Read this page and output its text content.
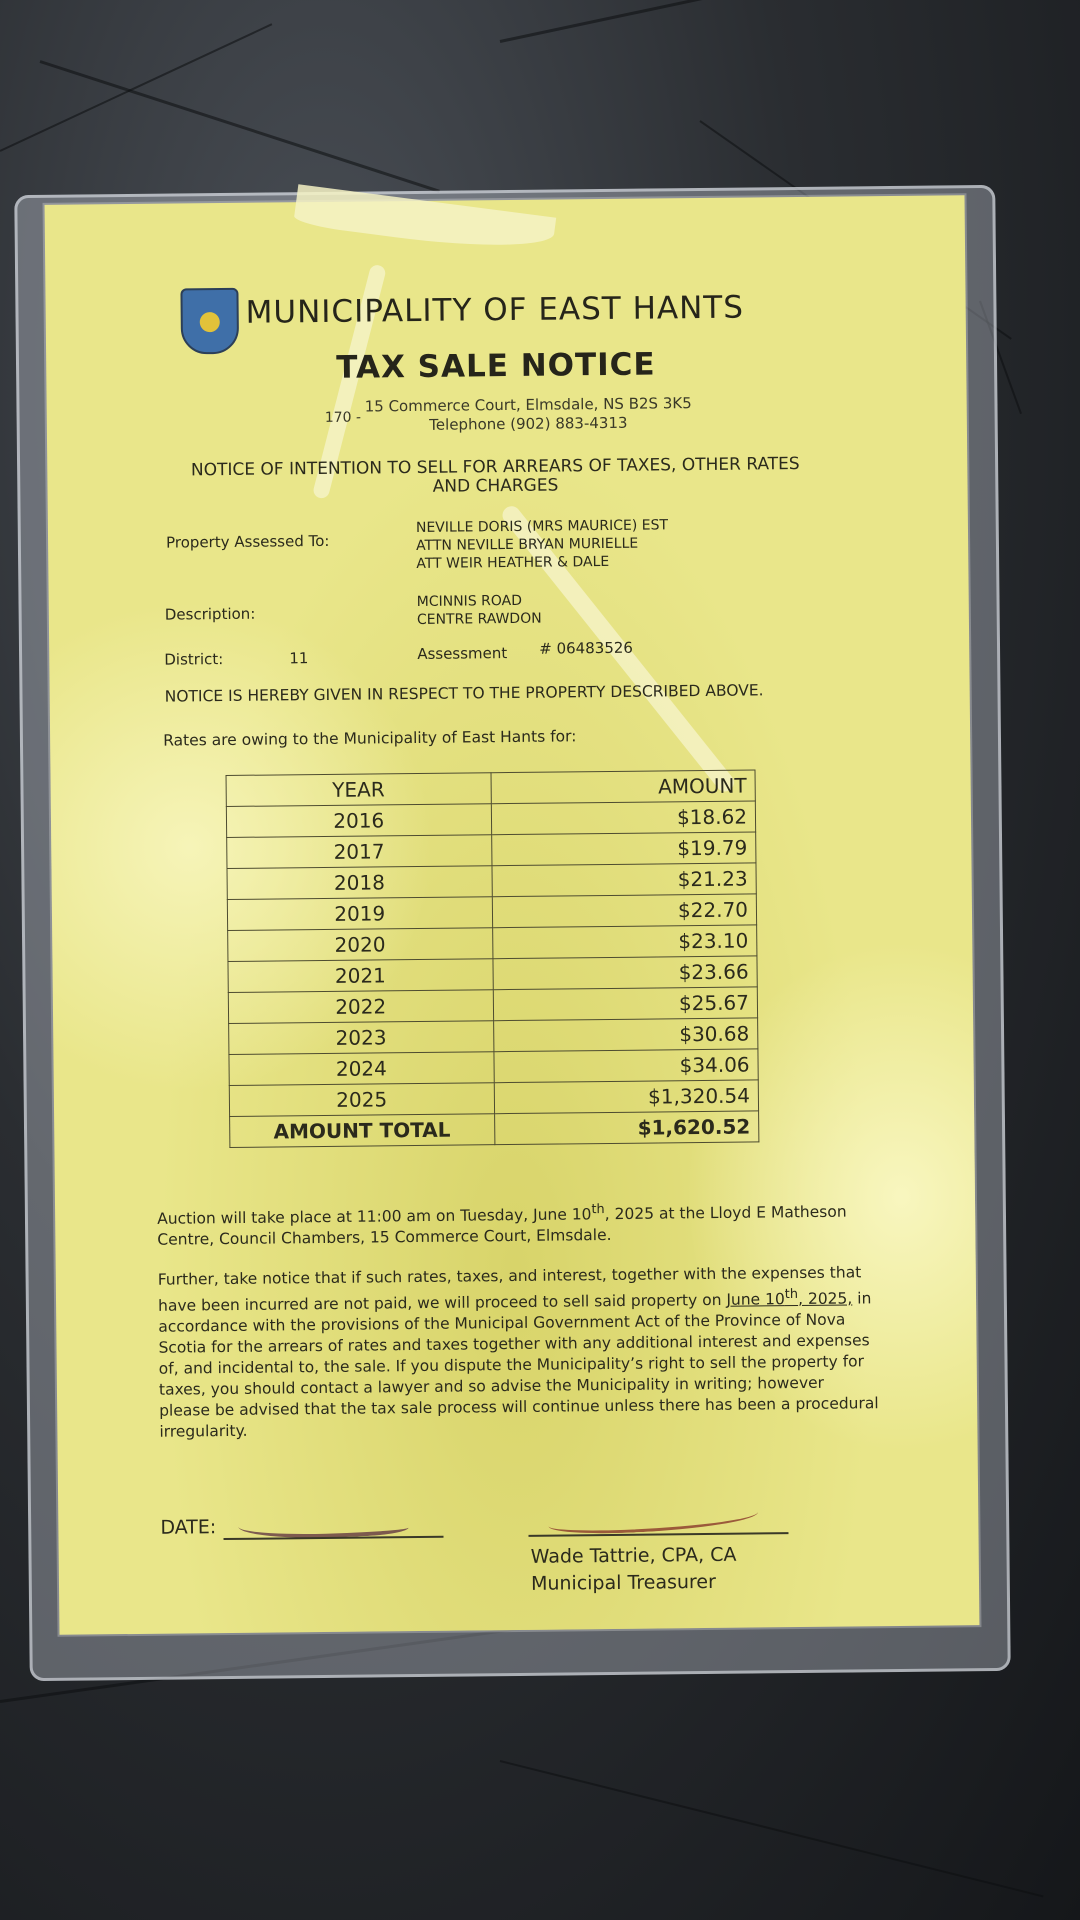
MUNICIPALITY OF EAST HANTS
TAX SALE NOTICE
170 -
15 Commerce Court, Elmsdale, NS B2S 3K5
Telephone (902) 883-4313
NOTICE OF INTENTION TO SELL FOR ARREARS OF TAXES, OTHER RATES AND CHARGES
Property Assessed To:
NEVILLE DORIS (MRS MAURICE) EST
ATTN NEVILLE BRYAN MURIELLE
ATT WEIR HEATHER & DALE
Description:
MCINNIS ROAD
CENTRE RAWDON
District:	11	Assessment # 06483526
NOTICE IS HEREBY GIVEN IN RESPECT TO THE PROPERTY DESCRIBED ABOVE.
Rates are owing to the Municipality of East Hants for:
YEAR	AMOUNT
2016	$18.62
2017	$19.79
2018	$21.23
2019	$22.70
2020	$23.10
2021	$23.66
2022	$25.67
2023	$30.68
2024	$34.06
2025	$1,320.54
AMOUNT TOTAL	$1,620.52
Auction will take place at 11:00 am on Tuesday, June 10th, 2025 at the Lloyd E Matheson Centre, Council Chambers, 15 Commerce Court, Elmsdale.
Further, take notice that if such rates, taxes, and interest, together with the expenses that have been incurred are not paid, we will proceed to sell said property on June 10th, 2025, in accordance with the provisions of the Municipal Government Act of the Province of Nova Scotia for the arrears of rates and taxes together with any additional interest and expenses of, and incidental to, the sale. If you dispute the Municipality’s right to sell the property for taxes, you should contact a lawyer and so advise the Municipality in writing; however please be advised that the tax sale process will continue unless there has been a procedural irregularity.
DATE:
Wade Tattrie, CPA, CA
Municipal Treasurer
